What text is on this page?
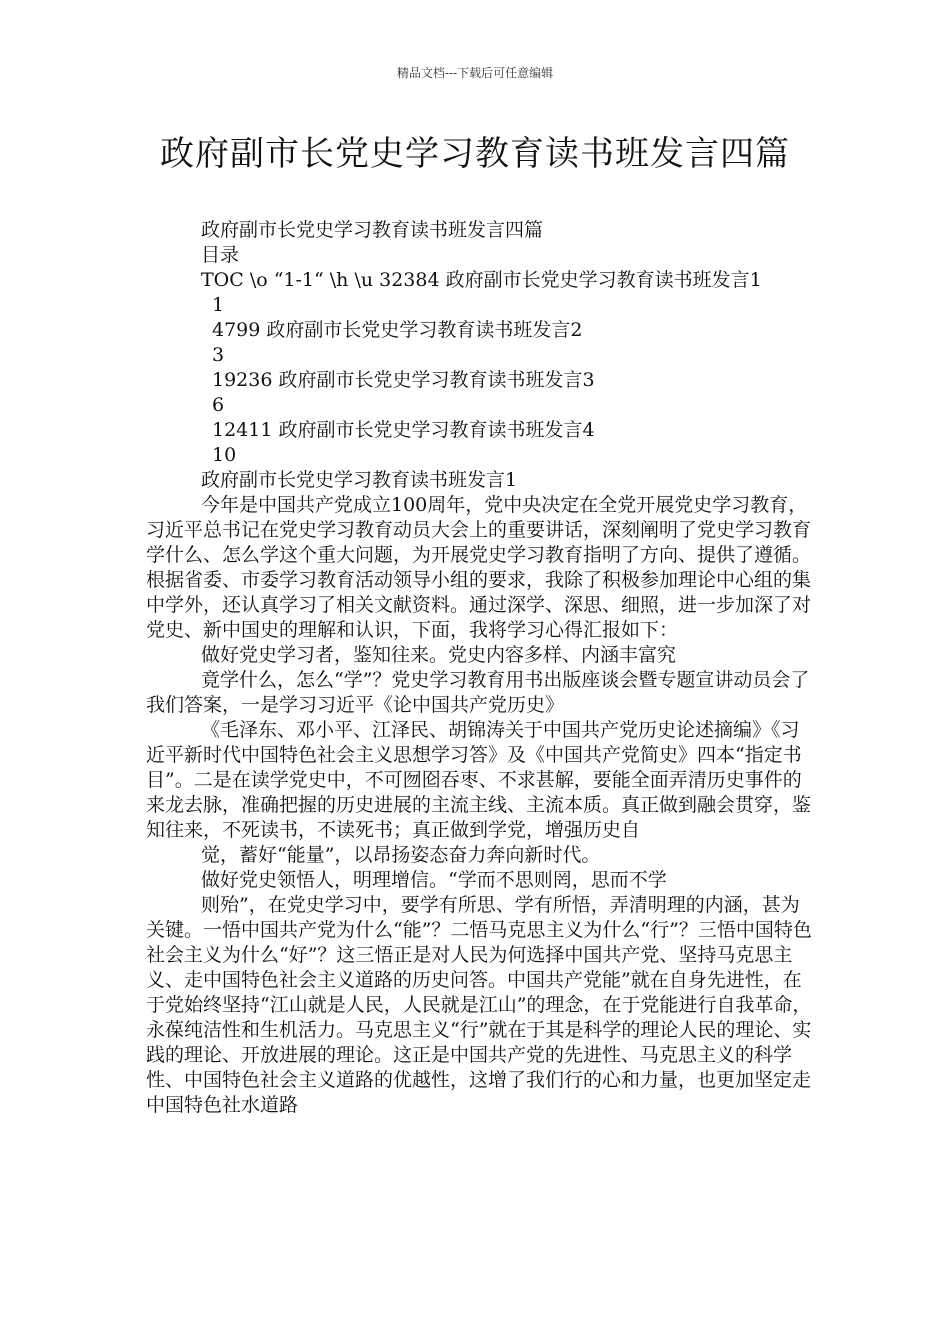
精品文档---下载后可任意编辑
政府副市长党史学习教育读书班发言四篇

政府副市长党史学习教育读书班发言四篇

目录

TOC \o “1-1“ \h \u 32384 政府副市长党史学习教育读书班发言1

1

4799 政府副市长党史学习教育读书班发言2

3

19236 政府副市长党史学习教育读书班发言3

6

12411 政府副市长党史学习教育读书班发言4

10

政府副市长党史学习教育读书班发言1

今年是中国共产党成立100周年，党中央决定在全党开展党史学习教育，习近平总书记在党史学习教育动员大会上的重要讲话，深刻阐明了党史学习教育学什么、怎么学这个重大问题，为开展党史学习教育指明了方向、提供了遵循。根据省委、市委学习教育活动领导小组的要求，我除了积极参加理论中心组的集中学外，还认真学习了相关文献资料。通过深学、深思、细照，进一步加深了对党史、新中国史的理解和认识，下面，我将学习心得汇报如下：

做好党史学习者，鉴知往来。党史内容多样、内涵丰富究

竟学什么，怎么“学”？党史学习教育用书出版座谈会暨专题宣讲动员会了我们答案，一是学习习近平《论中国共产党历史》

《毛泽东、邓小平、江泽民、胡锦涛关于中国共产党历史论述摘编》《习近平新时代中国特色社会主义思想学习答》及《中国共产党简史》四本“指定书目”。二是在读学党史中，不可囫囵吞枣、不求甚解，要能全面弄清历史事件的来龙去脉，准确把握的历史进展的主流主线、主流本质。真正做到融会贯穿，鉴知往来，不死读书，不读死书；真正做到学党，增强历史自

觉，蓄好“能量”，以昂扬姿态奋力奔向新时代。

做好党史领悟人，明理增信。“学而不思则罔，思而不学

则殆”，在党史学习中，要学有所思、学有所悟，弄清明理的内涵，甚为关键。一悟中国共产党为什么“能”？二悟马克思主义为什么“行”？三悟中国特色社会主义为什么“好”？这三悟正是对人民为何选择中国共产党、坚持马克思主义、走中国特色社会主义道路的历史问答。中国共产党能”就在自身先进性，在于党始终坚持“江山就是人民，人民就是江山”的理念，在于党能进行自我革命，永葆纯洁性和生机活力。马克思主义“行”就在于其是科学的理论人民的理论、实践的理论、开放进展的理论。这正是中国共产党的先进性、马克思主义的科学性、中国特色社会主义道路的优越性，这增了我们行的心和力量，也更加坚定走中国特色社水道路
